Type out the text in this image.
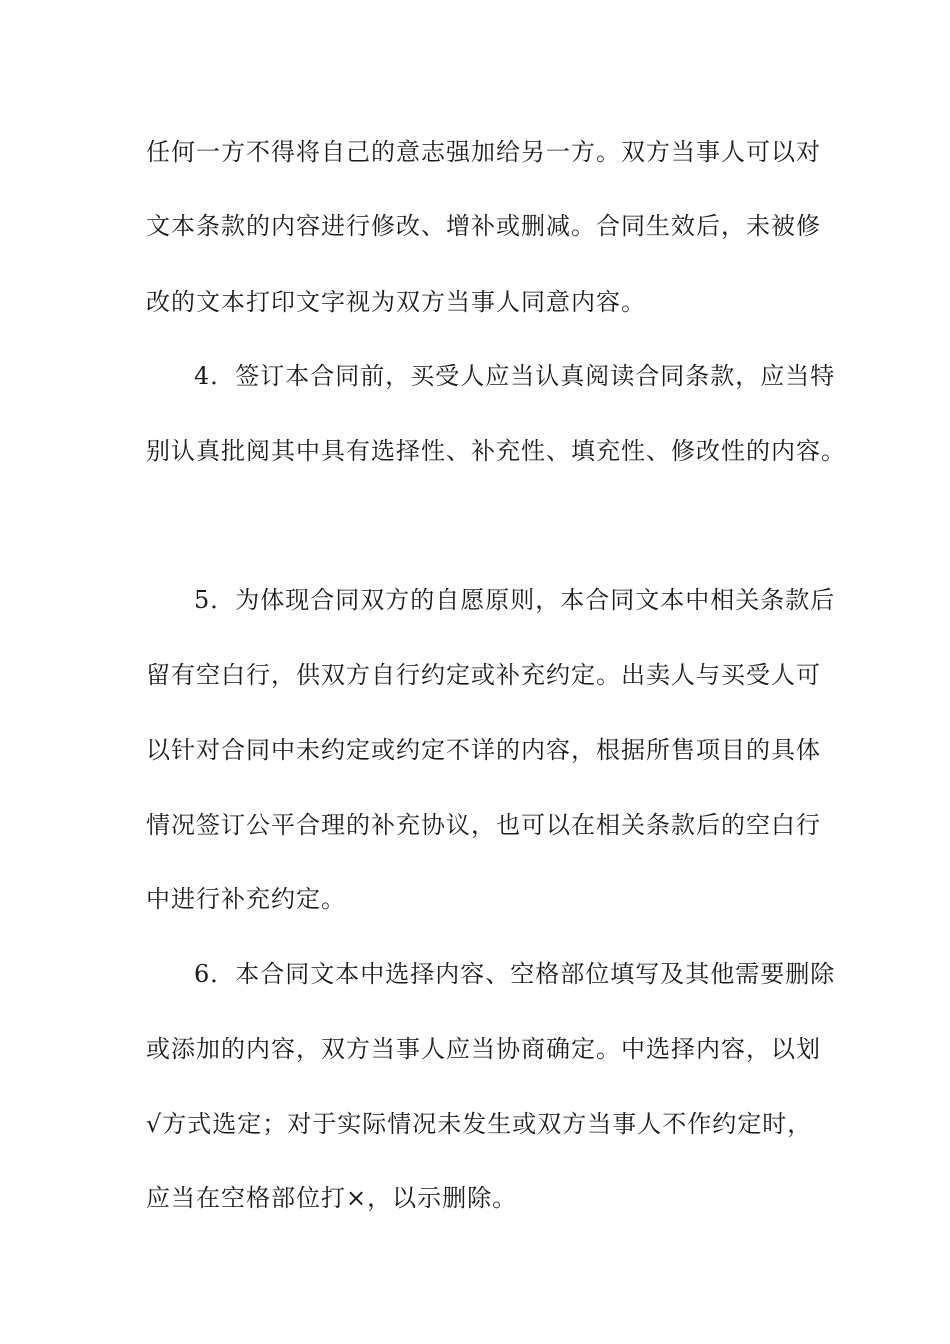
任何一方不得将自己的意志强加给另一方。双方当事人可以对
文本条款的内容进行修改、增补或删减。合同生效后，未被修
改的文本打印文字视为双方当事人同意内容。
4．签订本合同前，买受人应当认真阅读合同条款，应当特
别认真批阅其中具有选择性、补充性、填充性、修改性的内容。
5．为体现合同双方的自愿原则，本合同文本中相关条款后
留有空白行，供双方自行约定或补充约定。出卖人与买受人可
以针对合同中未约定或约定不详的内容，根据所售项目的具体
情况签订公平合理的补充协议，也可以在相关条款后的空白行
中进行补充约定。
6．本合同文本中选择内容、空格部位填写及其他需要删除
或添加的内容，双方当事人应当协商确定。中选择内容，以划
√方式选定；对于实际情况未发生或双方当事人不作约定时，
应当在空格部位打×，以示删除。
